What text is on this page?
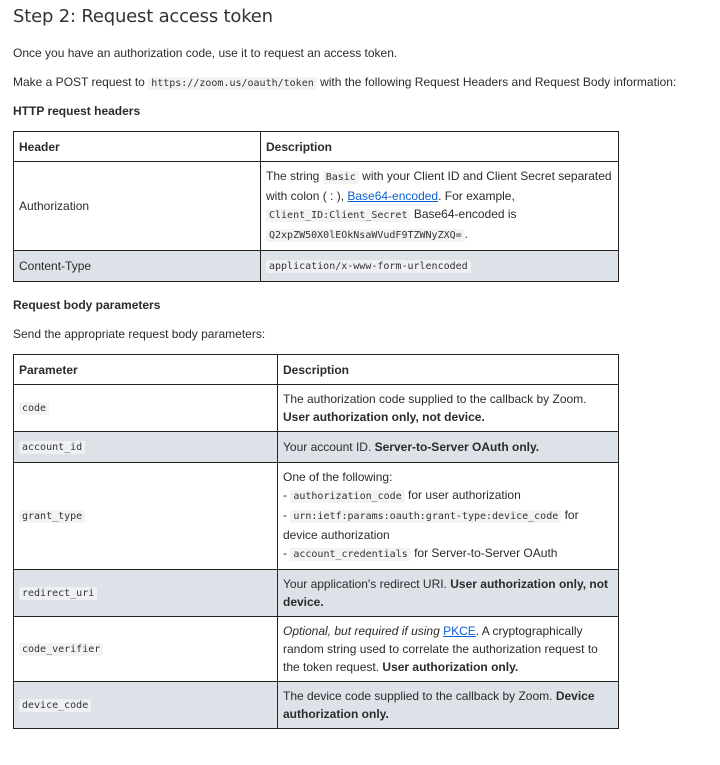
Step 2: Request access token

Once you have an authorization code, use it to request an access token.

Make a POST request to https://zoom.us/oauth/token with the following Request Headers and Request Body information:

HTTP request headers
Header	Description
Authorization	The string Basic with your Client ID and Client Secret separated with colon ( : ), Base64-encoded. For example, Client_ID:Client_Secret Base64-encoded is Q2xpZW50X0lEOkNsaWVudF9TZWNyZXQ= .
Content-Type	application/x-www-form-urlencoded
Request body parameters

Send the appropriate request body parameters:

Parameter	Description
code	The authorization code supplied to the callback by Zoom. User authorization only, not device.
account_id	Your account ID. Server-to-Server OAuth only.
grant_type	One of the following:
- authorization_code for user authorization
- urn:ietf:params:oauth:grant-type:device_code for device authorization
- account_credentials for Server-to-Server OAuth

redirect_uri	Your application's redirect URI. User authorization only, not device.
code_verifier	Optional, but required if using PKCE. A cryptographically random string used to correlate the authorization request to the token request. User authorization only.
device_code	The device code supplied to the callback by Zoom. Device authorization only.
